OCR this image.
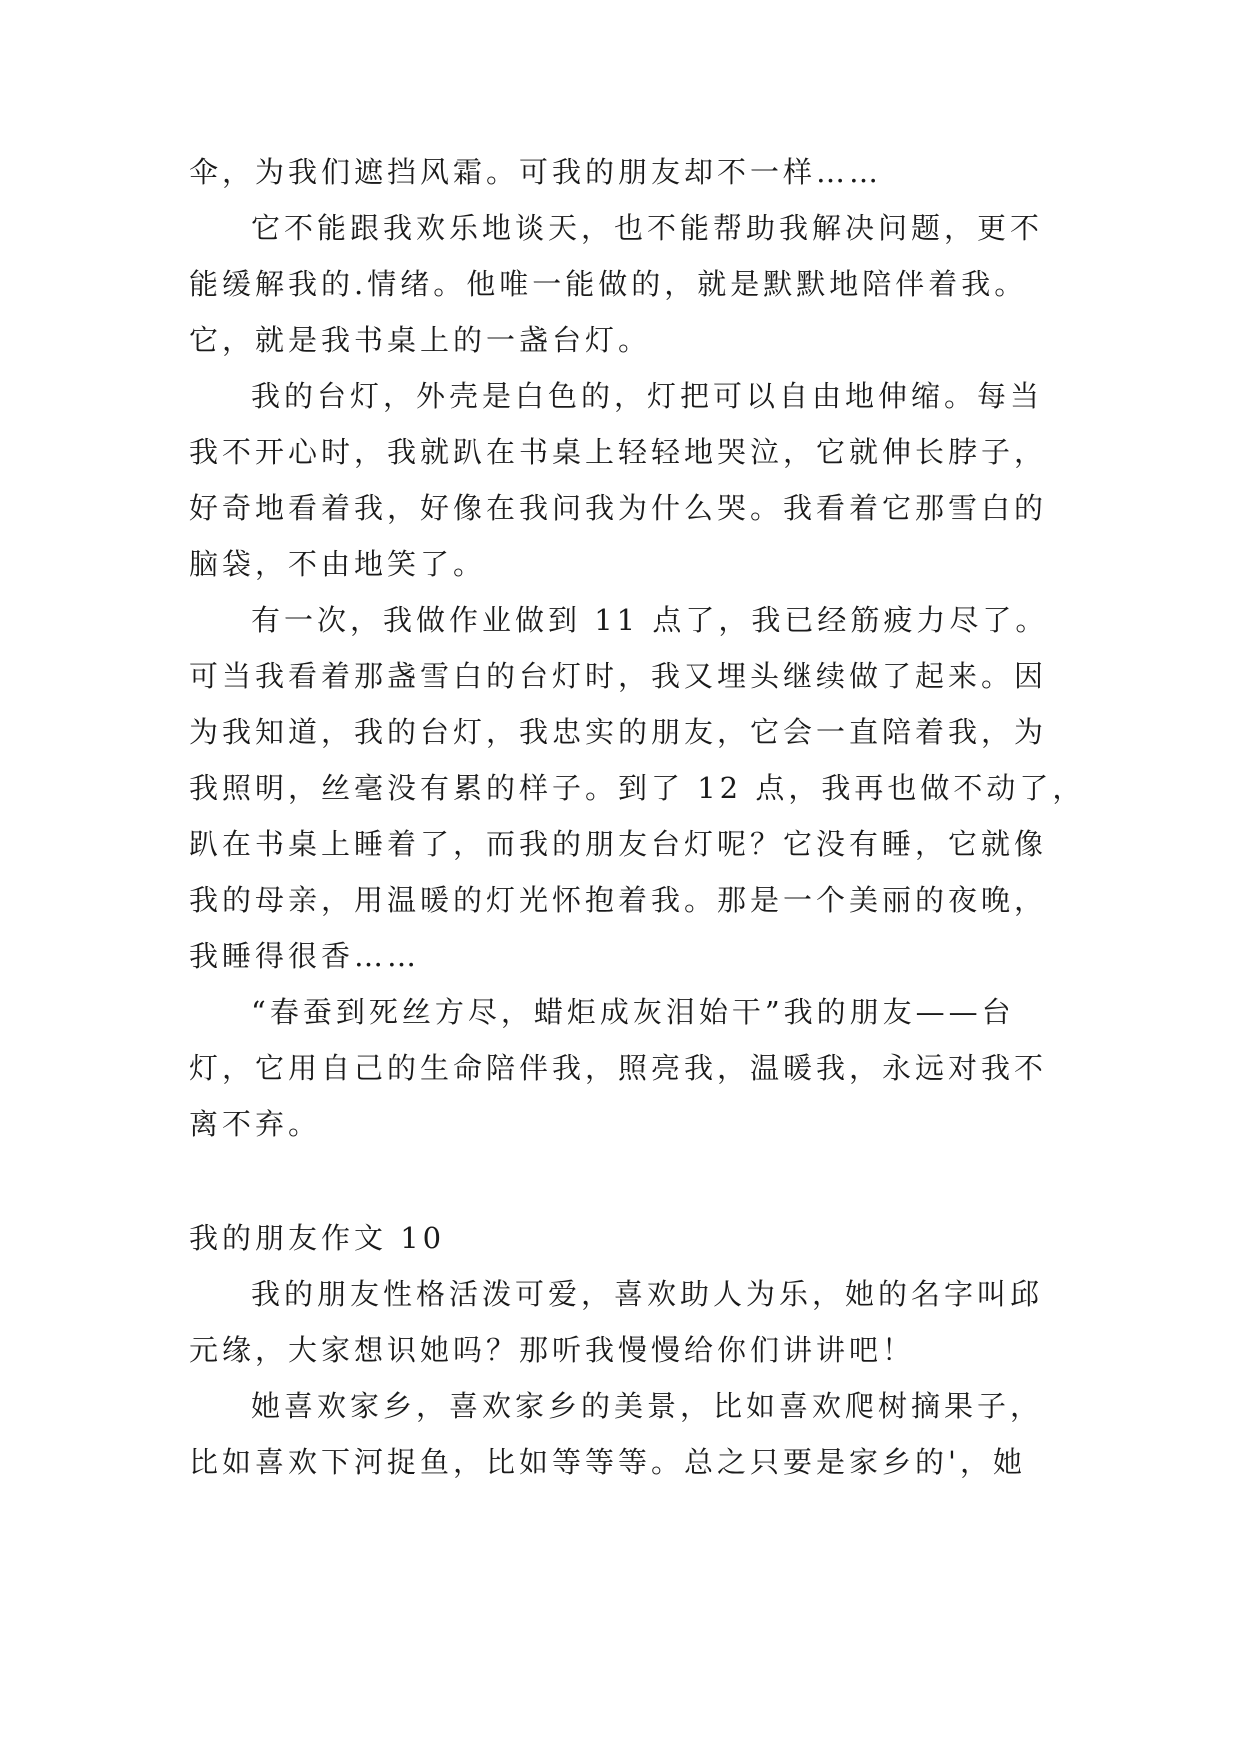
伞，为我们遮挡风霜。可我的朋友却不一样……
它不能跟我欢乐地谈天，也不能帮助我解决问题，更不
能缓解我的.情绪。他唯一能做的，就是默默地陪伴着我。
它，就是我书桌上的一盏台灯。
我的台灯，外壳是白色的，灯把可以自由地伸缩。每当
我不开心时，我就趴在书桌上轻轻地哭泣，它就伸长脖子，
好奇地看着我，好像在我问我为什么哭。我看着它那雪白的
脑袋，不由地笑了。
有一次，我做作业做到 11 点了，我已经筋疲力尽了。
可当我看着那盏雪白的台灯时，我又埋头继续做了起来。因
为我知道，我的台灯，我忠实的朋友，它会一直陪着我，为
我照明，丝毫没有累的样子。到了 12 点，我再也做不动了，
趴在书桌上睡着了，而我的朋友台灯呢？它没有睡，它就像
我的母亲，用温暖的灯光怀抱着我。那是一个美丽的夜晚，
我睡得很香……
“春蚕到死丝方尽，蜡炬成灰泪始干”我的朋友——台
灯，它用自己的生命陪伴我，照亮我，温暖我，永远对我不
离不弃。
我的朋友作文 10
我的朋友性格活泼可爱，喜欢助人为乐，她的名字叫邱
元缘，大家想识她吗？那听我慢慢给你们讲讲吧！
她喜欢家乡，喜欢家乡的美景，比如喜欢爬树摘果子，
比如喜欢下河捉鱼，比如等等等。总之只要是家乡的'，她
